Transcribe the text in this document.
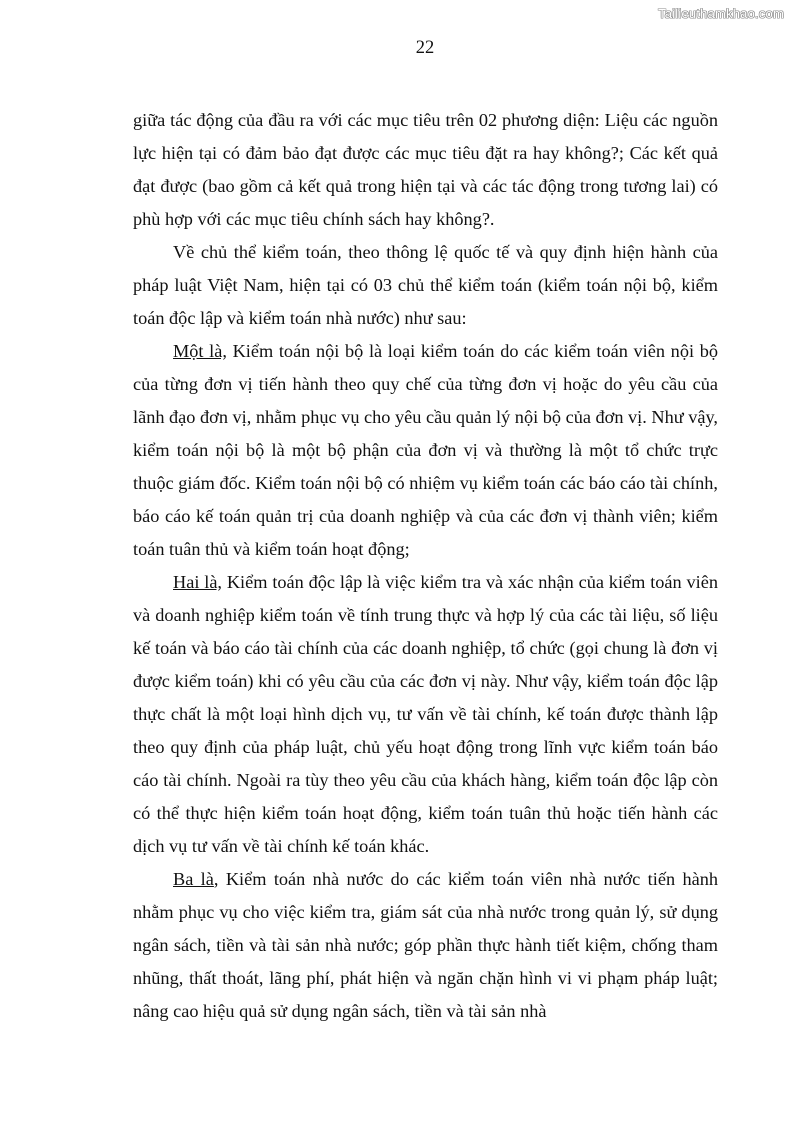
Tailieuthamkhao.com
22

giữa tác động của đầu ra với các mục tiêu trên 02 phương diện: Liệu các nguồn lực hiện tại có đảm bảo đạt được các mục tiêu đặt ra hay không?; Các kết quả đạt được (bao gồm cả kết quả trong hiện tại và các tác động trong tương lai) có phù hợp với các mục tiêu chính sách hay không?.

Về chủ thể kiểm toán, theo thông lệ quốc tế và quy định hiện hành của pháp luật Việt Nam, hiện tại có 03 chủ thể kiểm toán (kiểm toán nội bộ, kiểm toán độc lập và kiểm toán nhà nước) như sau:

Một là, Kiểm toán nội bộ là loại kiểm toán do các kiểm toán viên nội bộ của từng đơn vị tiến hành theo quy chế của từng đơn vị hoặc do yêu cầu của lãnh đạo đơn vị, nhằm phục vụ cho yêu cầu quản lý nội bộ của đơn vị. Như vậy, kiểm toán nội bộ là một bộ phận của đơn vị và thường là một tổ chức trực thuộc giám đốc. Kiểm toán nội bộ có nhiệm vụ kiểm toán các báo cáo tài chính, báo cáo kế toán quản trị của doanh nghiệp và của các đơn vị thành viên; kiểm toán tuân thủ và kiểm toán hoạt động;

Hai là, Kiểm toán độc lập là việc kiểm tra và xác nhận của kiểm toán viên và doanh nghiệp kiểm toán về tính trung thực và hợp lý của các tài liệu, số liệu kế toán và báo cáo tài chính của các doanh nghiệp, tổ chức (gọi chung là đơn vị được kiểm toán) khi có yêu cầu của các đơn vị này. Như vậy, kiểm toán độc lập thực chất là một loại hình dịch vụ, tư vấn về tài chính, kế toán được thành lập theo quy định của pháp luật, chủ yếu hoạt động trong lĩnh vực kiểm toán báo cáo tài chính. Ngoài ra tùy theo yêu cầu của khách hàng, kiểm toán độc lập còn có thể thực hiện kiểm toán hoạt động, kiểm toán tuân thủ hoặc tiến hành các dịch vụ tư vấn về tài chính kế toán khác.

Ba là, Kiểm toán nhà nước do các kiểm toán viên nhà nước tiến hành nhằm phục vụ cho việc kiểm tra, giám sát của nhà nước trong quản lý, sử dụng ngân sách, tiền và tài sản nhà nước; góp phần thực hành tiết kiệm, chống tham nhũng, thất thoát, lãng phí, phát hiện và ngăn chặn hình vi vi phạm pháp luật; nâng cao hiệu quả sử dụng ngân sách, tiền và tài sản nhà
